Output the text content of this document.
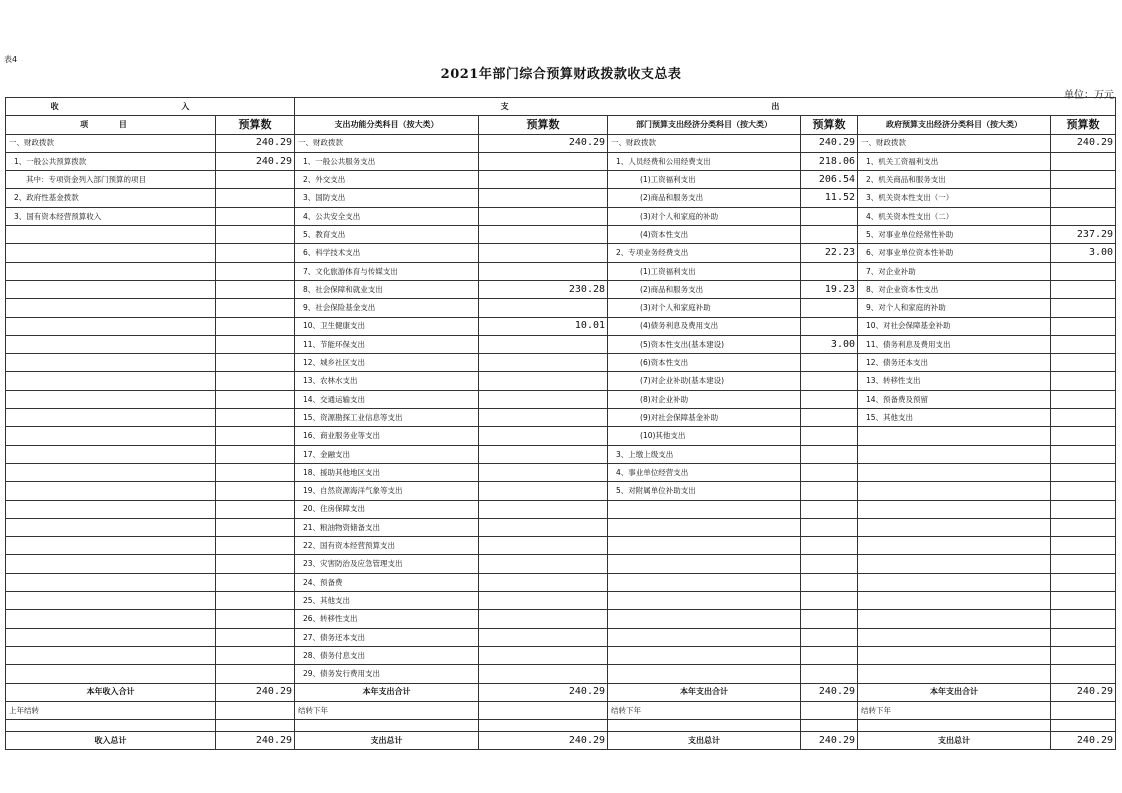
表4
2021年部门综合预算财政拨款收支总表
单位：万元
收 入		支 出					
项 目	预算数	支出功能分类科目（按大类）	预算数	部门预算支出经济分类科目（按大类）	预算数	政府预算支出经济分类科目（按大类）	预算数
一、财政拨款	240.29	一、财政拨款	240.29	一、财政拨款	240.29	一、财政拨款	240.29
1、一般公共预算拨款	240.29	1、一般公共服务支出		1、人员经费和公用经费支出	218.06	1、机关工资福利支出	
其中：专项资金列入部门预算的项目		2、外交支出		(1)工资福利支出	206.54	2、机关商品和服务支出	
2、政府性基金拨款		3、国防支出		(2)商品和服务支出	11.52	3、机关资本性支出（一）	
3、国有资本经营预算收入		4、公共安全支出		(3)对个人和家庭的补助		4、机关资本性支出（二）	
		5、教育支出		(4)资本性支出		5、对事业单位经常性补助	237.29
		6、科学技术支出		2、专项业务经费支出	22.23	6、对事业单位资本性补助	3.00
		7、文化旅游体育与传媒支出		(1)工资福利支出		7、对企业补助	
		8、社会保障和就业支出	230.28	(2)商品和服务支出	19.23	8、对企业资本性支出	
		9、社会保险基金支出		(3)对个人和家庭补助		9、对个人和家庭的补助	
		10、卫生健康支出	10.01	(4)债务利息及费用支出		10、对社会保障基金补助	
		11、节能环保支出		(5)资本性支出(基本建设)	3.00	11、债务利息及费用支出	
		12、城乡社区支出		(6)资本性支出		12、债务还本支出	
		13、农林水支出		(7)对企业补助(基本建设)		13、转移性支出	
		14、交通运输支出		(8)对企业补助		14、预备费及预留	
		15、资源勘探工业信息等支出		(9)对社会保障基金补助		15、其他支出	
		16、商业服务业等支出		(10)其他支出			
		17、金融支出		3、上缴上级支出			
		18、援助其他地区支出		4、事业单位经营支出			
		19、自然资源海洋气象等支出		5、对附属单位补助支出			
		20、住房保障支出					
		21、粮油物资储备支出					
		22、国有资本经营预算支出					
		23、灾害防治及应急管理支出					
		24、预备费					
		25、其他支出					
		26、转移性支出					
		27、债务还本支出					
		28、债务付息支出					
		29、债务发行费用支出					
本年收入合计	240.29	本年支出合计	240.29	本年支出合计	240.29	本年支出合计	240.29
上年结转		结转下年		结转下年		结转下年	

收入总计	240.29	支出总计	240.29	支出总计	240.29	支出总计	240.29
